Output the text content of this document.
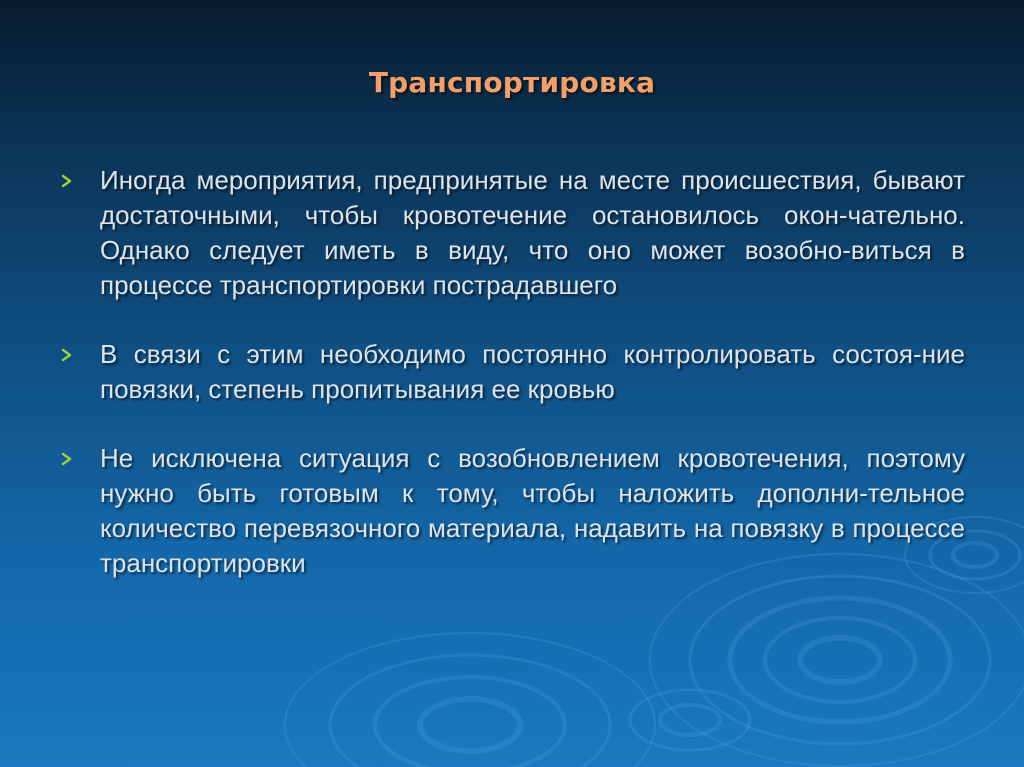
Транспортировка

Иногда мероприятия, предпринятые на месте происшествия, бывают достаточными, чтобы кровотечение остановилось окон-чательно. Однако следует иметь в виду, что оно может возобно-виться в процессе транспортировки пострадавшего

В связи с этим необходимо постоянно контролировать состоя-ние повязки, степень пропитывания ее кровью

Не исключена ситуация с возобновлением кровотечения, поэтому нужно быть готовым к тому, чтобы наложить дополни-тельное количество перевязочного материала, надавить на повязку в процессе транспортировки
